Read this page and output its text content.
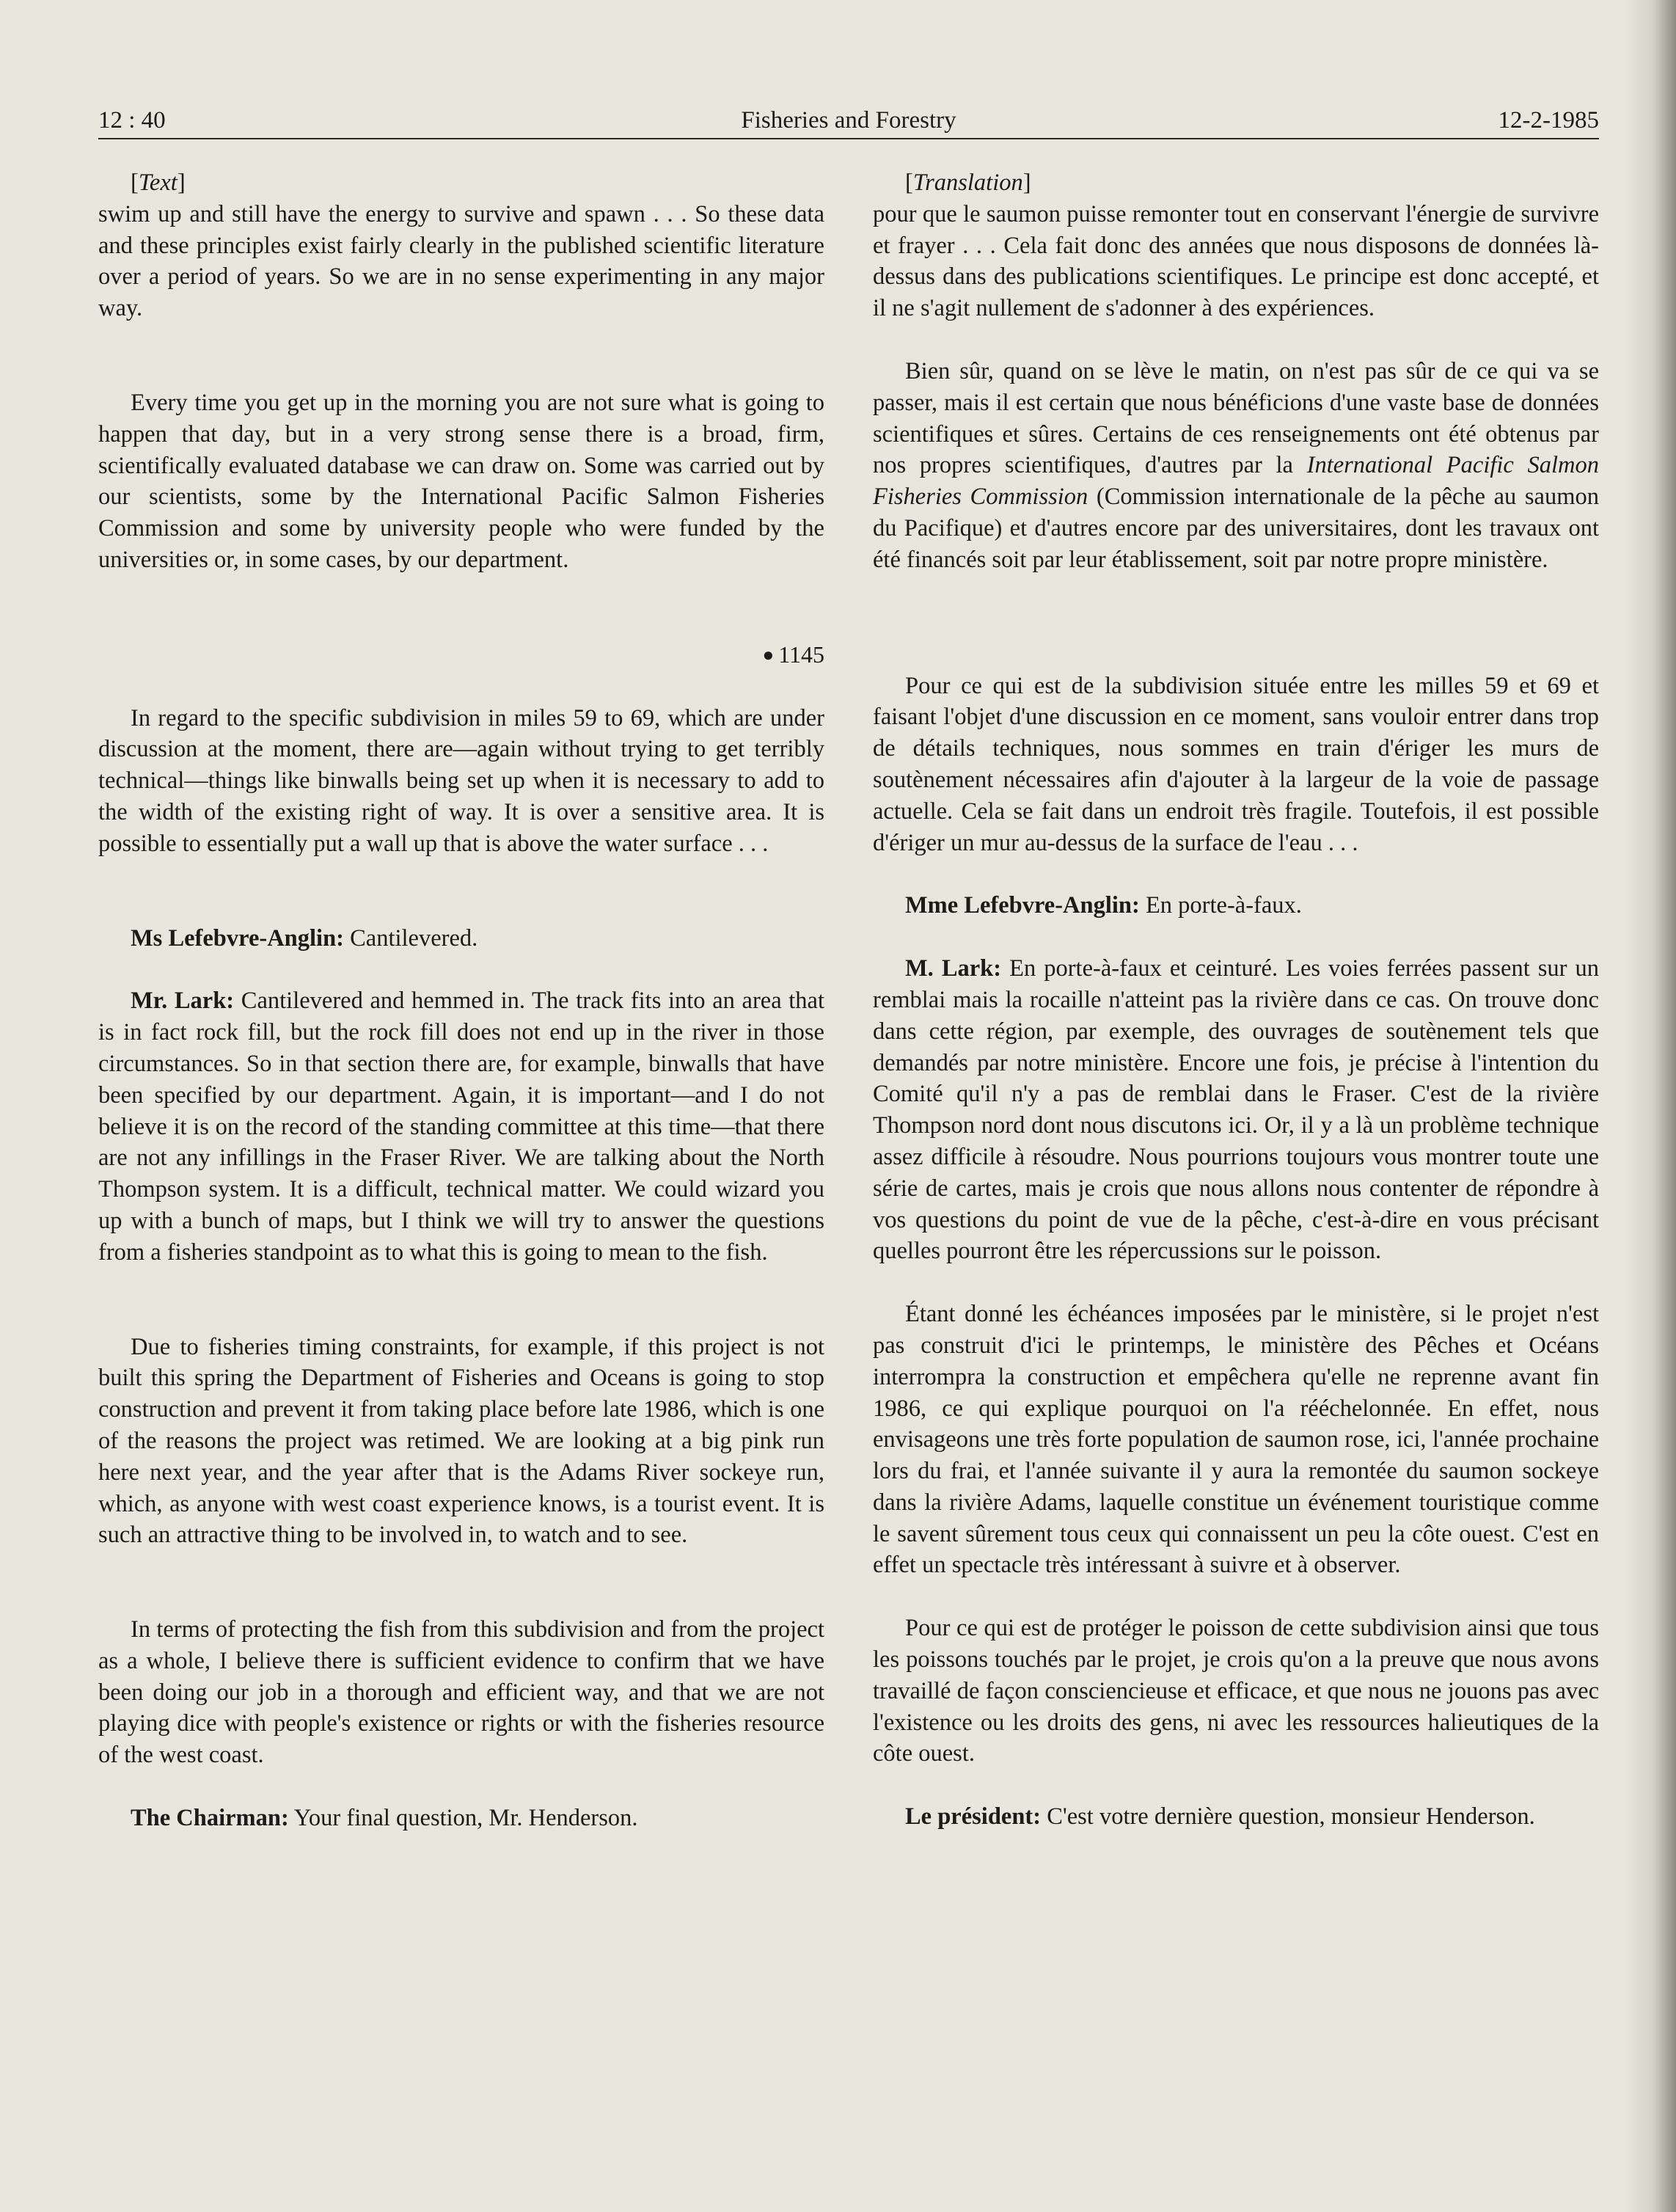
12 : 40	Fisheries and Forestry	12-2-1985

[Text]

swim up and still have the energy to survive and spawn . . . So these data and these principles exist fairly clearly in the published scientific literature over a period of years. So we are in no sense experimenting in any major way.

Every time you get up in the morning you are not sure what is going to happen that day, but in a very strong sense there is a broad, firm, scientifically evaluated database we can draw on. Some was carried out by our scientists, some by the International Pacific Salmon Fisheries Commission and some by university people who were funded by the universities or, in some cases, by our department.

● 1145

In regard to the specific subdivision in miles 59 to 69, which are under discussion at the moment, there are—again without trying to get terribly technical—things like binwalls being set up when it is necessary to add to the width of the existing right of way. It is over a sensitive area. It is possible to essentially put a wall up that is above the water surface . . .

Ms Lefebvre-Anglin: Cantilevered.

Mr. Lark: Cantilevered and hemmed in. The track fits into an area that is in fact rock fill, but the rock fill does not end up in the river in those circumstances. So in that section there are, for example, binwalls that have been specified by our department. Again, it is important—and I do not believe it is on the record of the standing committee at this time—that there are not any infillings in the Fraser River. We are talking about the North Thompson system. It is a difficult, technical matter. We could wizard you up with a bunch of maps, but I think we will try to answer the questions from a fisheries standpoint as to what this is going to mean to the fish.

Due to fisheries timing constraints, for example, if this project is not built this spring the Department of Fisheries and Oceans is going to stop construction and prevent it from taking place before late 1986, which is one of the reasons the project was retimed. We are looking at a big pink run here next year, and the year after that is the Adams River sockeye run, which, as anyone with west coast experience knows, is a tourist event. It is such an attractive thing to be involved in, to watch and to see.

In terms of protecting the fish from this subdivision and from the project as a whole, I believe there is sufficient evidence to confirm that we have been doing our job in a thorough and efficient way, and that we are not playing dice with people's existence or rights or with the fisheries resource of the west coast.

The Chairman: Your final question, Mr. Henderson.

[Translation]

pour que le saumon puisse remonter tout en conservant l'énergie de survivre et frayer . . . Cela fait donc des années que nous disposons de données là-dessus dans des publications scientifiques. Le principe est donc accepté, et il ne s'agit nullement de s'adonner à des expériences.

Bien sûr, quand on se lève le matin, on n'est pas sûr de ce qui va se passer, mais il est certain que nous bénéficions d'une vaste base de données scientifiques et sûres. Certains de ces renseignements ont été obtenus par nos propres scientifiques, d'autres par la International Pacific Salmon Fisheries Commission (Commission internationale de la pêche au saumon du Pacifique) et d'autres encore par des universitaires, dont les travaux ont été financés soit par leur établissement, soit par notre propre ministère.

Pour ce qui est de la subdivision située entre les milles 59 et 69 et faisant l'objet d'une discussion en ce moment, sans vouloir entrer dans trop de détails techniques, nous sommes en train d'ériger les murs de soutènement nécessaires afin d'ajouter à la largeur de la voie de passage actuelle. Cela se fait dans un endroit très fragile. Toutefois, il est possible d'ériger un mur au-dessus de la surface de l'eau . . .

Mme Lefebvre-Anglin: En porte-à-faux.

M. Lark: En porte-à-faux et ceinturé. Les voies ferrées passent sur un remblai mais la rocaille n'atteint pas la rivière dans ce cas. On trouve donc dans cette région, par exemple, des ouvrages de soutènement tels que demandés par notre ministère. Encore une fois, je précise à l'intention du Comité qu'il n'y a pas de remblai dans le Fraser. C'est de la rivière Thompson nord dont nous discutons ici. Or, il y a là un problème technique assez difficile à résoudre. Nous pourrions toujours vous montrer toute une série de cartes, mais je crois que nous allons nous contenter de répondre à vos questions du point de vue de la pêche, c'est-à-dire en vous précisant quelles pourront être les répercussions sur le poisson.

Étant donné les échéances imposées par le ministère, si le projet n'est pas construit d'ici le printemps, le ministère des Pêches et Océans interrompra la construction et empêchera qu'elle ne reprenne avant fin 1986, ce qui explique pourquoi on l'a rééchelonnée. En effet, nous envisageons une très forte population de saumon rose, ici, l'année prochaine lors du frai, et l'année suivante il y aura la remontée du saumon sockeye dans la rivière Adams, laquelle constitue un événement touristique comme le savent sûrement tous ceux qui connaissent un peu la côte ouest. C'est en effet un spectacle très intéressant à suivre et à observer.

Pour ce qui est de protéger le poisson de cette subdivision ainsi que tous les poissons touchés par le projet, je crois qu'on a la preuve que nous avons travaillé de façon consciencieuse et efficace, et que nous ne jouons pas avec l'existence ou les droits des gens, ni avec les ressources halieutiques de la côte ouest.

Le président: C'est votre dernière question, monsieur Henderson.
